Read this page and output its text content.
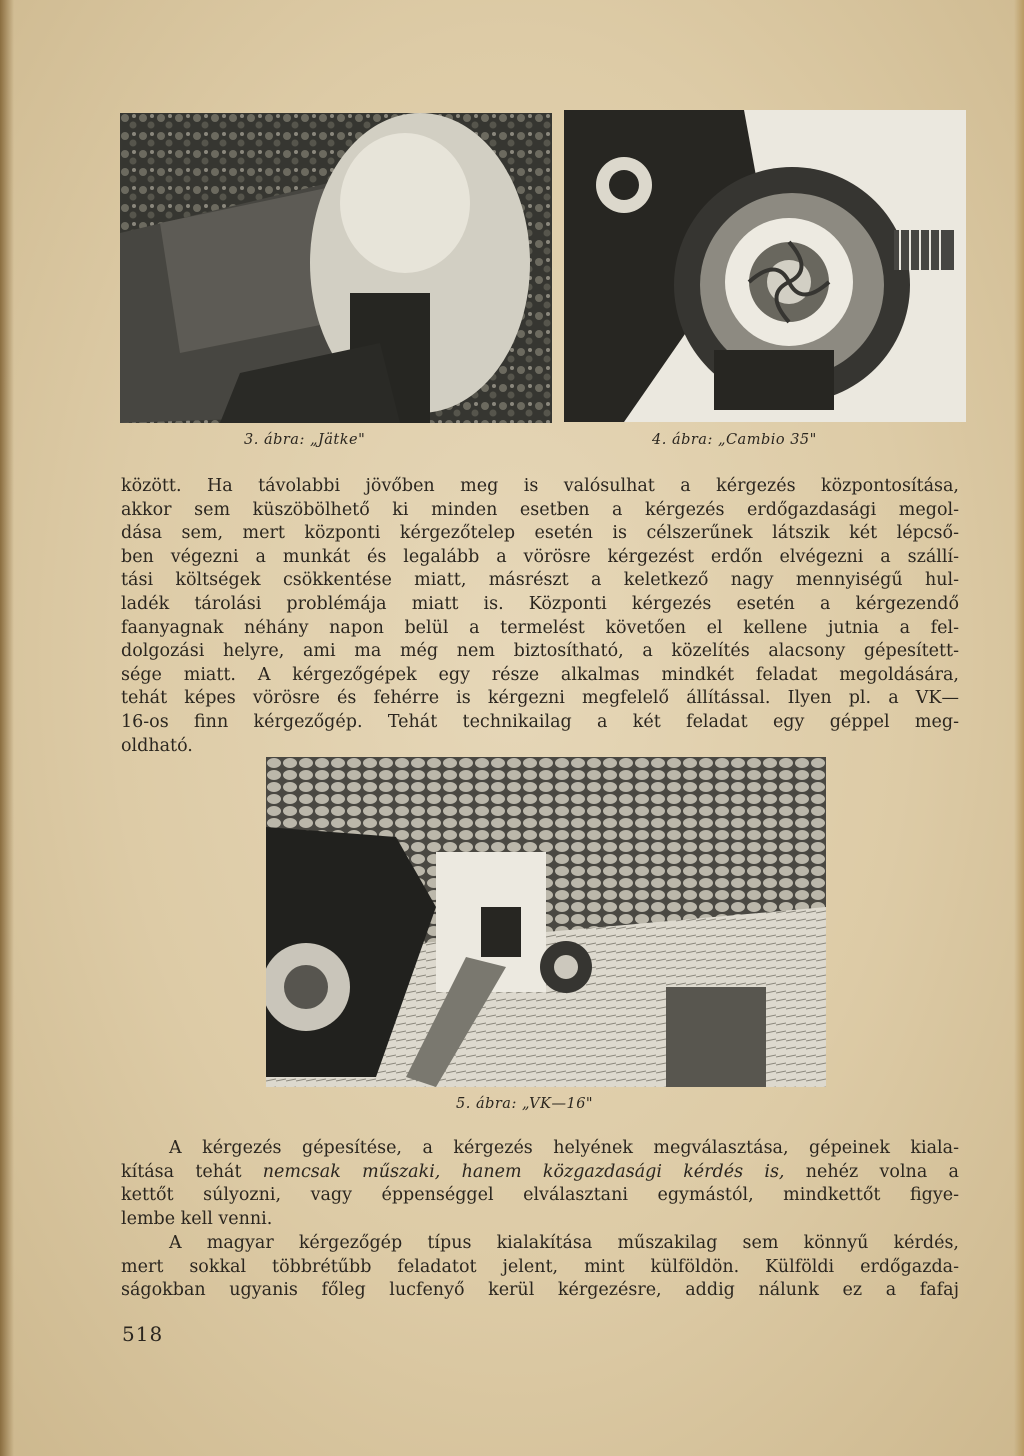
3. ábra: „Jätke"	4. ábra: „Cambio 35"
között. Ha távolabbi jövőben meg is valósulhat a kérgezés központosítása,
akkor sem küszöbölhető ki minden esetben a kérgezés erdőgazdasági megol-
dása sem, mert központi kérgezőtelep esetén is célszerűnek látszik két lépcső-
ben végezni a munkát és legalább a vörösre kérgezést erdőn elvégezni a szállí-
tási költségek csökkentése miatt, másrészt a keletkező nagy mennyiségű hul-
ladék tárolási problémája miatt is. Központi kérgezés esetén a kérgezendő
faanyagnak néhány napon belül a termelést követően el kellene jutnia a fel-
dolgozási helyre, ami ma még nem biztosítható, a közelítés alacsony gépesített-
sége miatt. A kérgezőgépek egy része alkalmas mindkét feladat megoldására,
tehát képes vörösre és fehérre is kérgezni megfelelő állítással. Ilyen pl. a VK—
16-os finn kérgezőgép. Tehát technikailag a két feladat egy géppel meg-
oldható.
5. ábra: „VK—16"
A kérgezés gépesítése, a kérgezés helyének megválasztása, gépeinek kiala-
kítása tehát nemcsak műszaki, hanem közgazdasági kérdés is, nehéz volna a
kettőt súlyozni, vagy éppenséggel elválasztani egymástól, mindkettőt figye-
lembe kell venni.
A magyar kérgezőgép típus kialakítása műszakilag sem könnyű kérdés,
mert sokkal többrétűbb feladatot jelent, mint külföldön. Külföldi erdőgazda-
ságokban ugyanis főleg lucfenyő kerül kérgezésre, addig nálunk ez a fafaj
518
